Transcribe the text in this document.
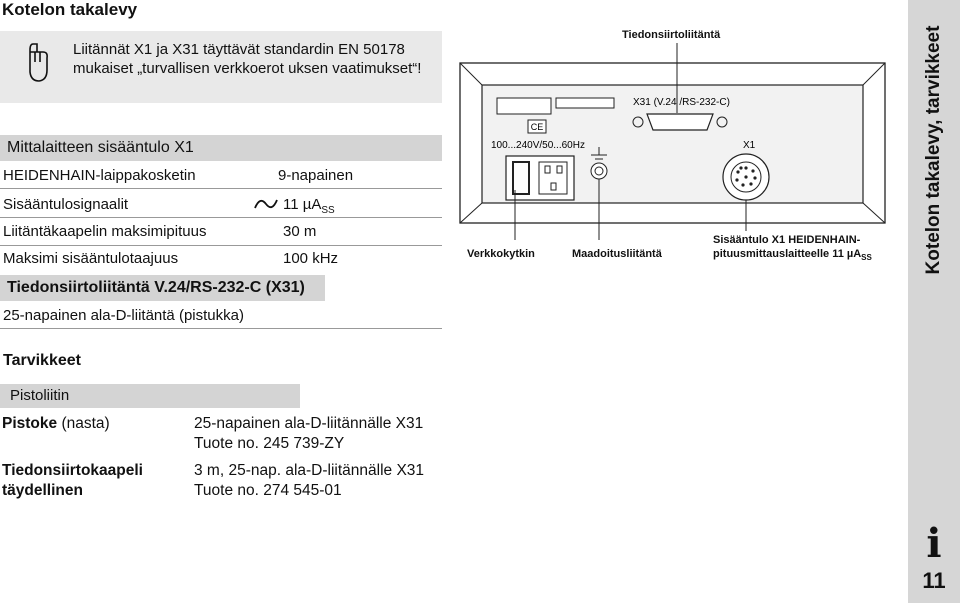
Kotelon takalevy
Liitännät X1 ja X31 täyttävät standardin EN 50178 mukaiset „turvallisen verkkoerot uksen vaatimukset“!
Mittalaitteen sisääntulo X1
HEIDENHAIN-laippakosketin	9-napainen
Sisääntulosignaalit	11 µA$_{SS}$
Liitäntäkaapelin maksimipituus	30 m
Maksimi sisääntulotaajuus	100 kHz
Tiedonsiirtoliitäntä V.24/RS-232-C (X31)
25-napainen ala-D-liitäntä (pistukka)
Tarvikkeet
Pistoliitin
Pistoke (nasta)	25-napainen ala-D-liitännälle X31
Tuote no. 245 739-ZY
Tiedonsiirtokaapeli
täydellinen
3 m, 25-nap. ala-D-liitännälle X31
Tuote no. 274 545-01
CE
100...240V/50...60Hz
X31 (V.24 /RS-232-C)
X1
Tiedonsiirtoliitäntä
Verkkokytkin	Maadoitusliitäntä
Sisääntulo X1 HEIDENHAIN-
pituusmittauslaitteelle 11 µA$_{SS}$	Kotelon takalevy, tarvikkeet
i
11
